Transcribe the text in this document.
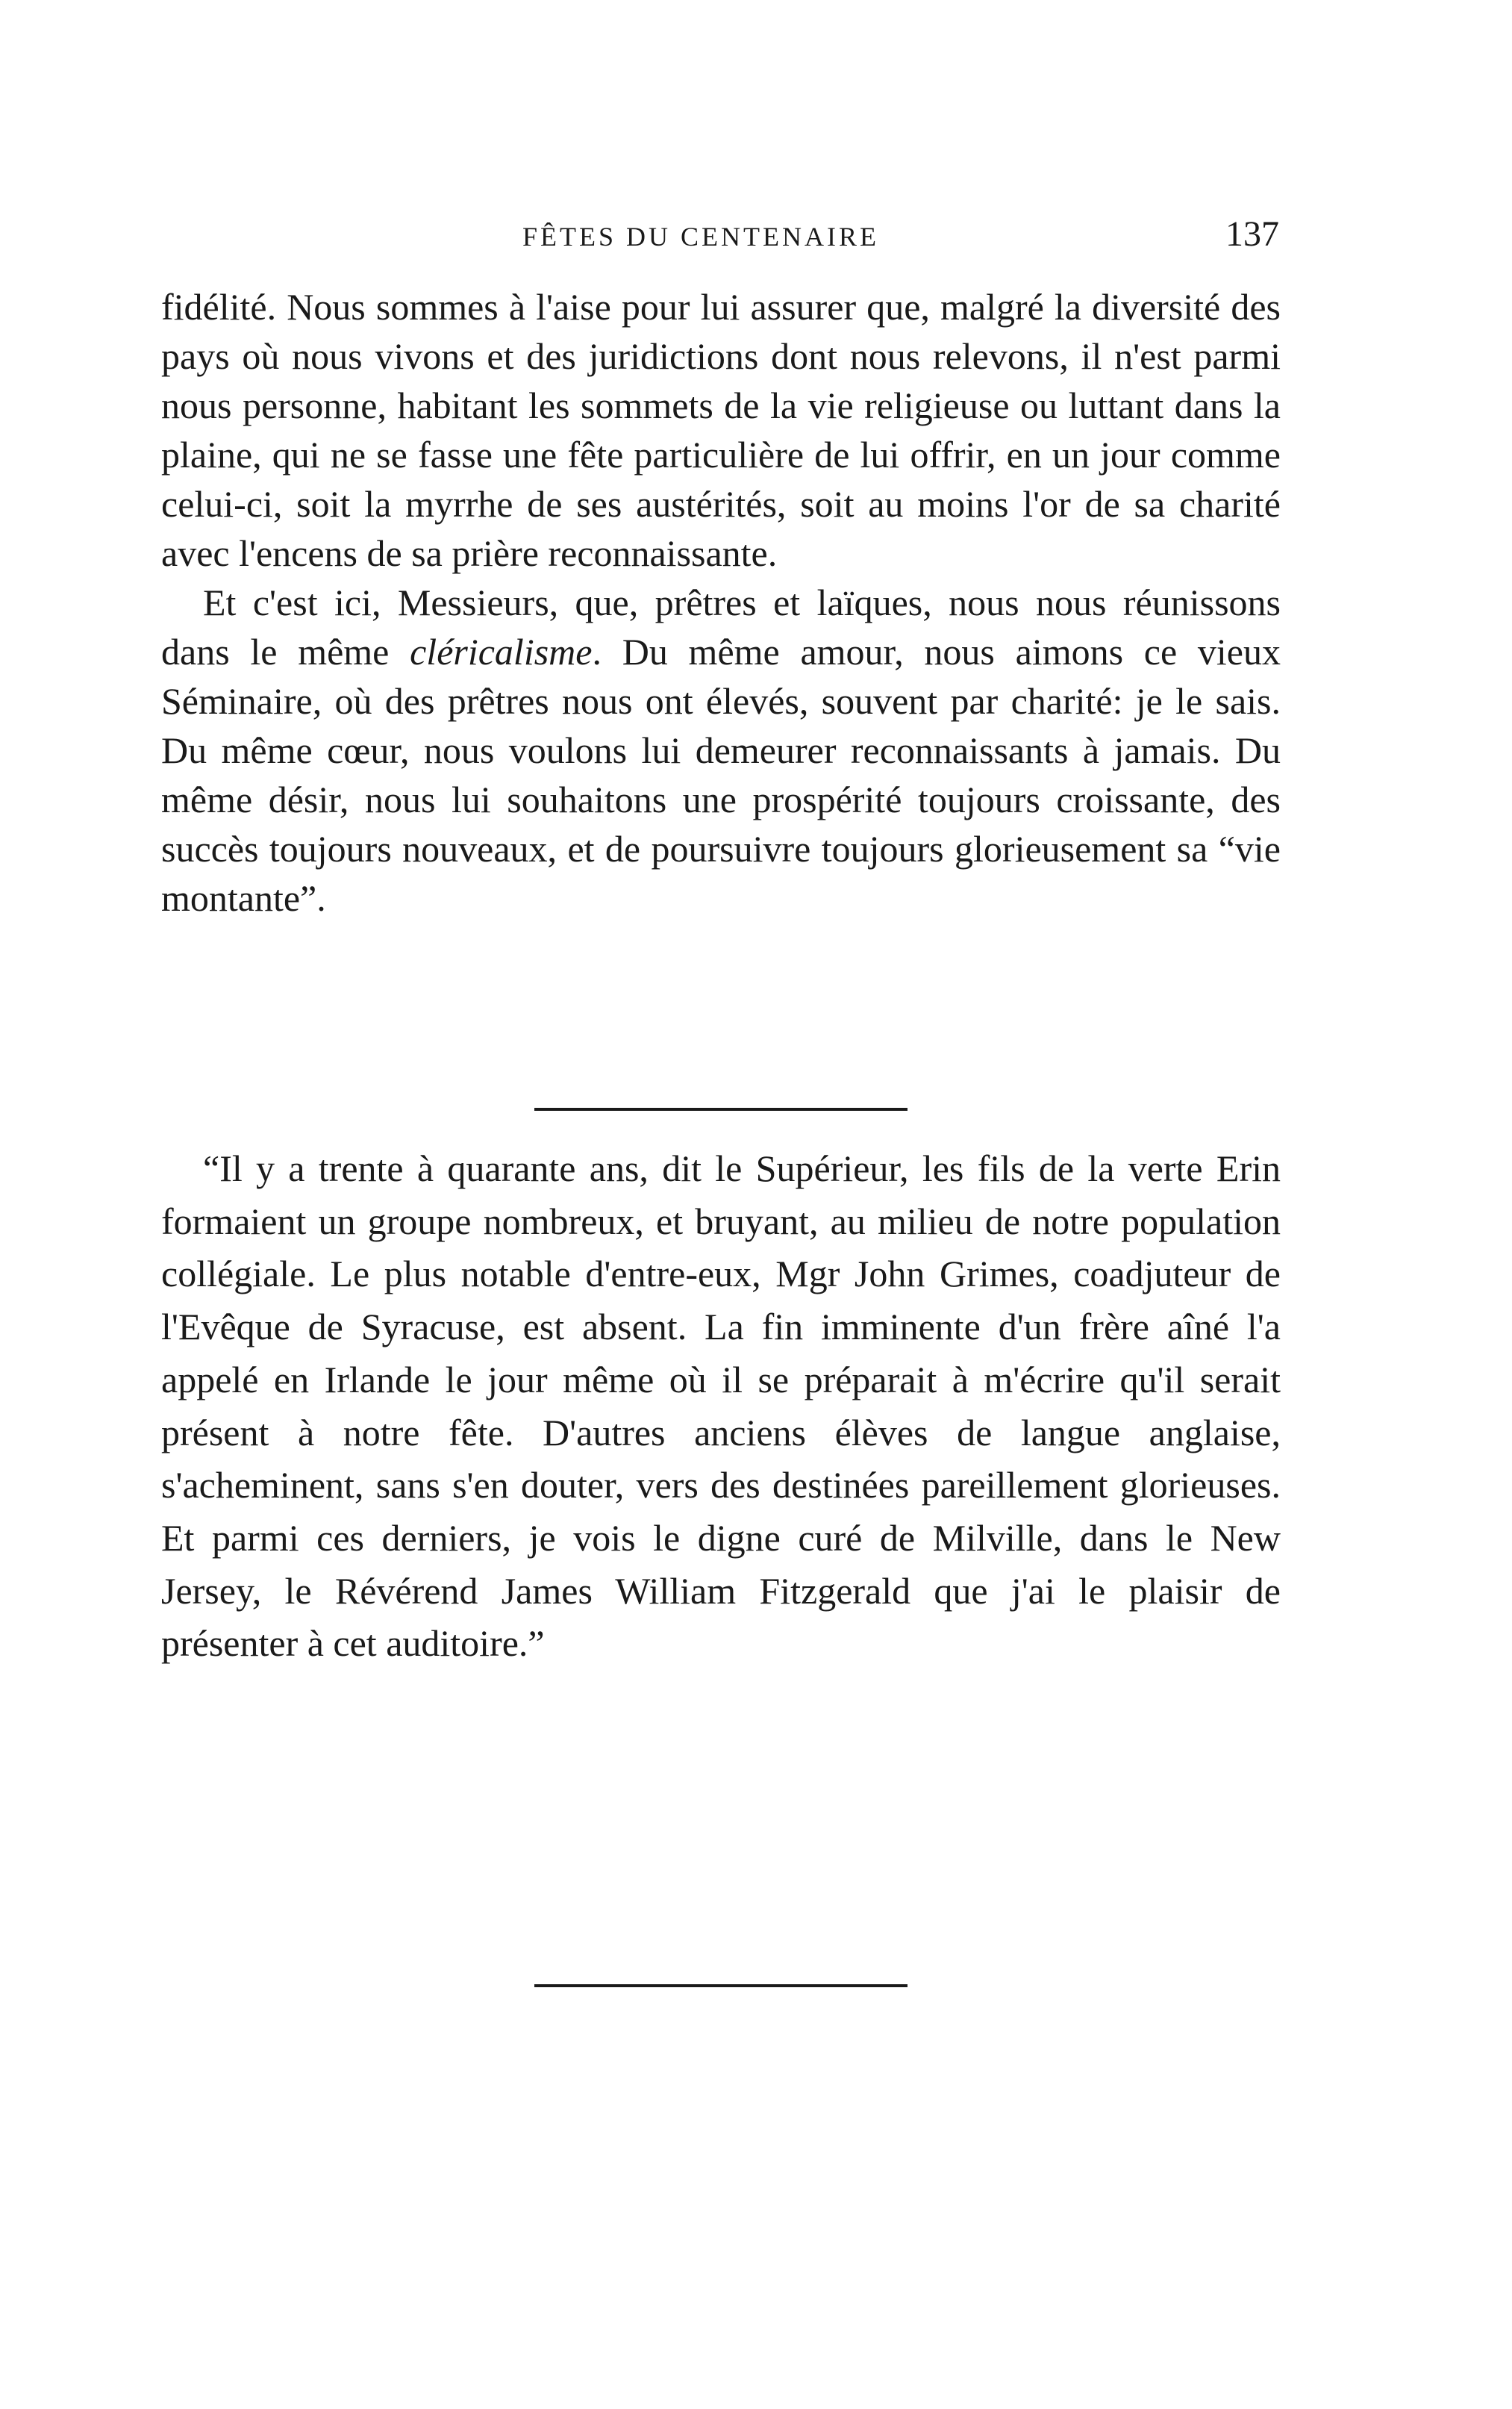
FÊTES DU CENTENAIRE	137

fidélité. Nous sommes à l'aise pour lui assurer que, malgré la diversité des pays où nous vivons et des juridictions dont nous relevons, il n'est parmi nous personne, habitant les sommets de la vie religieuse ou luttant dans la plaine, qui ne se fasse une fête particulière de lui offrir, en un jour comme celui-ci, soit la myrrhe de ses austérités, soit au moins l'or de sa charité avec l'encens de sa prière reconnaissante.

Et c'est ici, Messieurs, que, prêtres et laïques, nous nous réunissons dans le même cléricalisme. Du même amour, nous aimons ce vieux Séminaire, où des prêtres nous ont élevés, souvent par charité: je le sais. Du même cœur, nous voulons lui demeurer reconnaissants à jamais. Du même désir, nous lui souhaitons une prospérité toujours croissante, des succès toujours nouveaux, et de poursuivre toujours glorieusement sa “vie montante”.

“Il y a trente à quarante ans, dit le Supérieur, les fils de la verte Erin formaient un groupe nombreux, et bruyant, au milieu de notre population collégiale. Le plus notable d'entre-eux, Mgr John Grimes, coadjuteur de l'Evêque de Syracuse, est absent. La fin imminente d'un frère aîné l'a appelé en Irlande le jour même où il se préparait à m'écrire qu'il serait présent à notre fête. D'autres anciens élèves de langue anglaise, s'acheminent, sans s'en douter, vers des destinées pareillement glorieuses. Et parmi ces derniers, je vois le digne curé de Milville, dans le New Jersey, le Révérend James William Fitzgerald que j'ai le plaisir de présenter à cet auditoire.”
